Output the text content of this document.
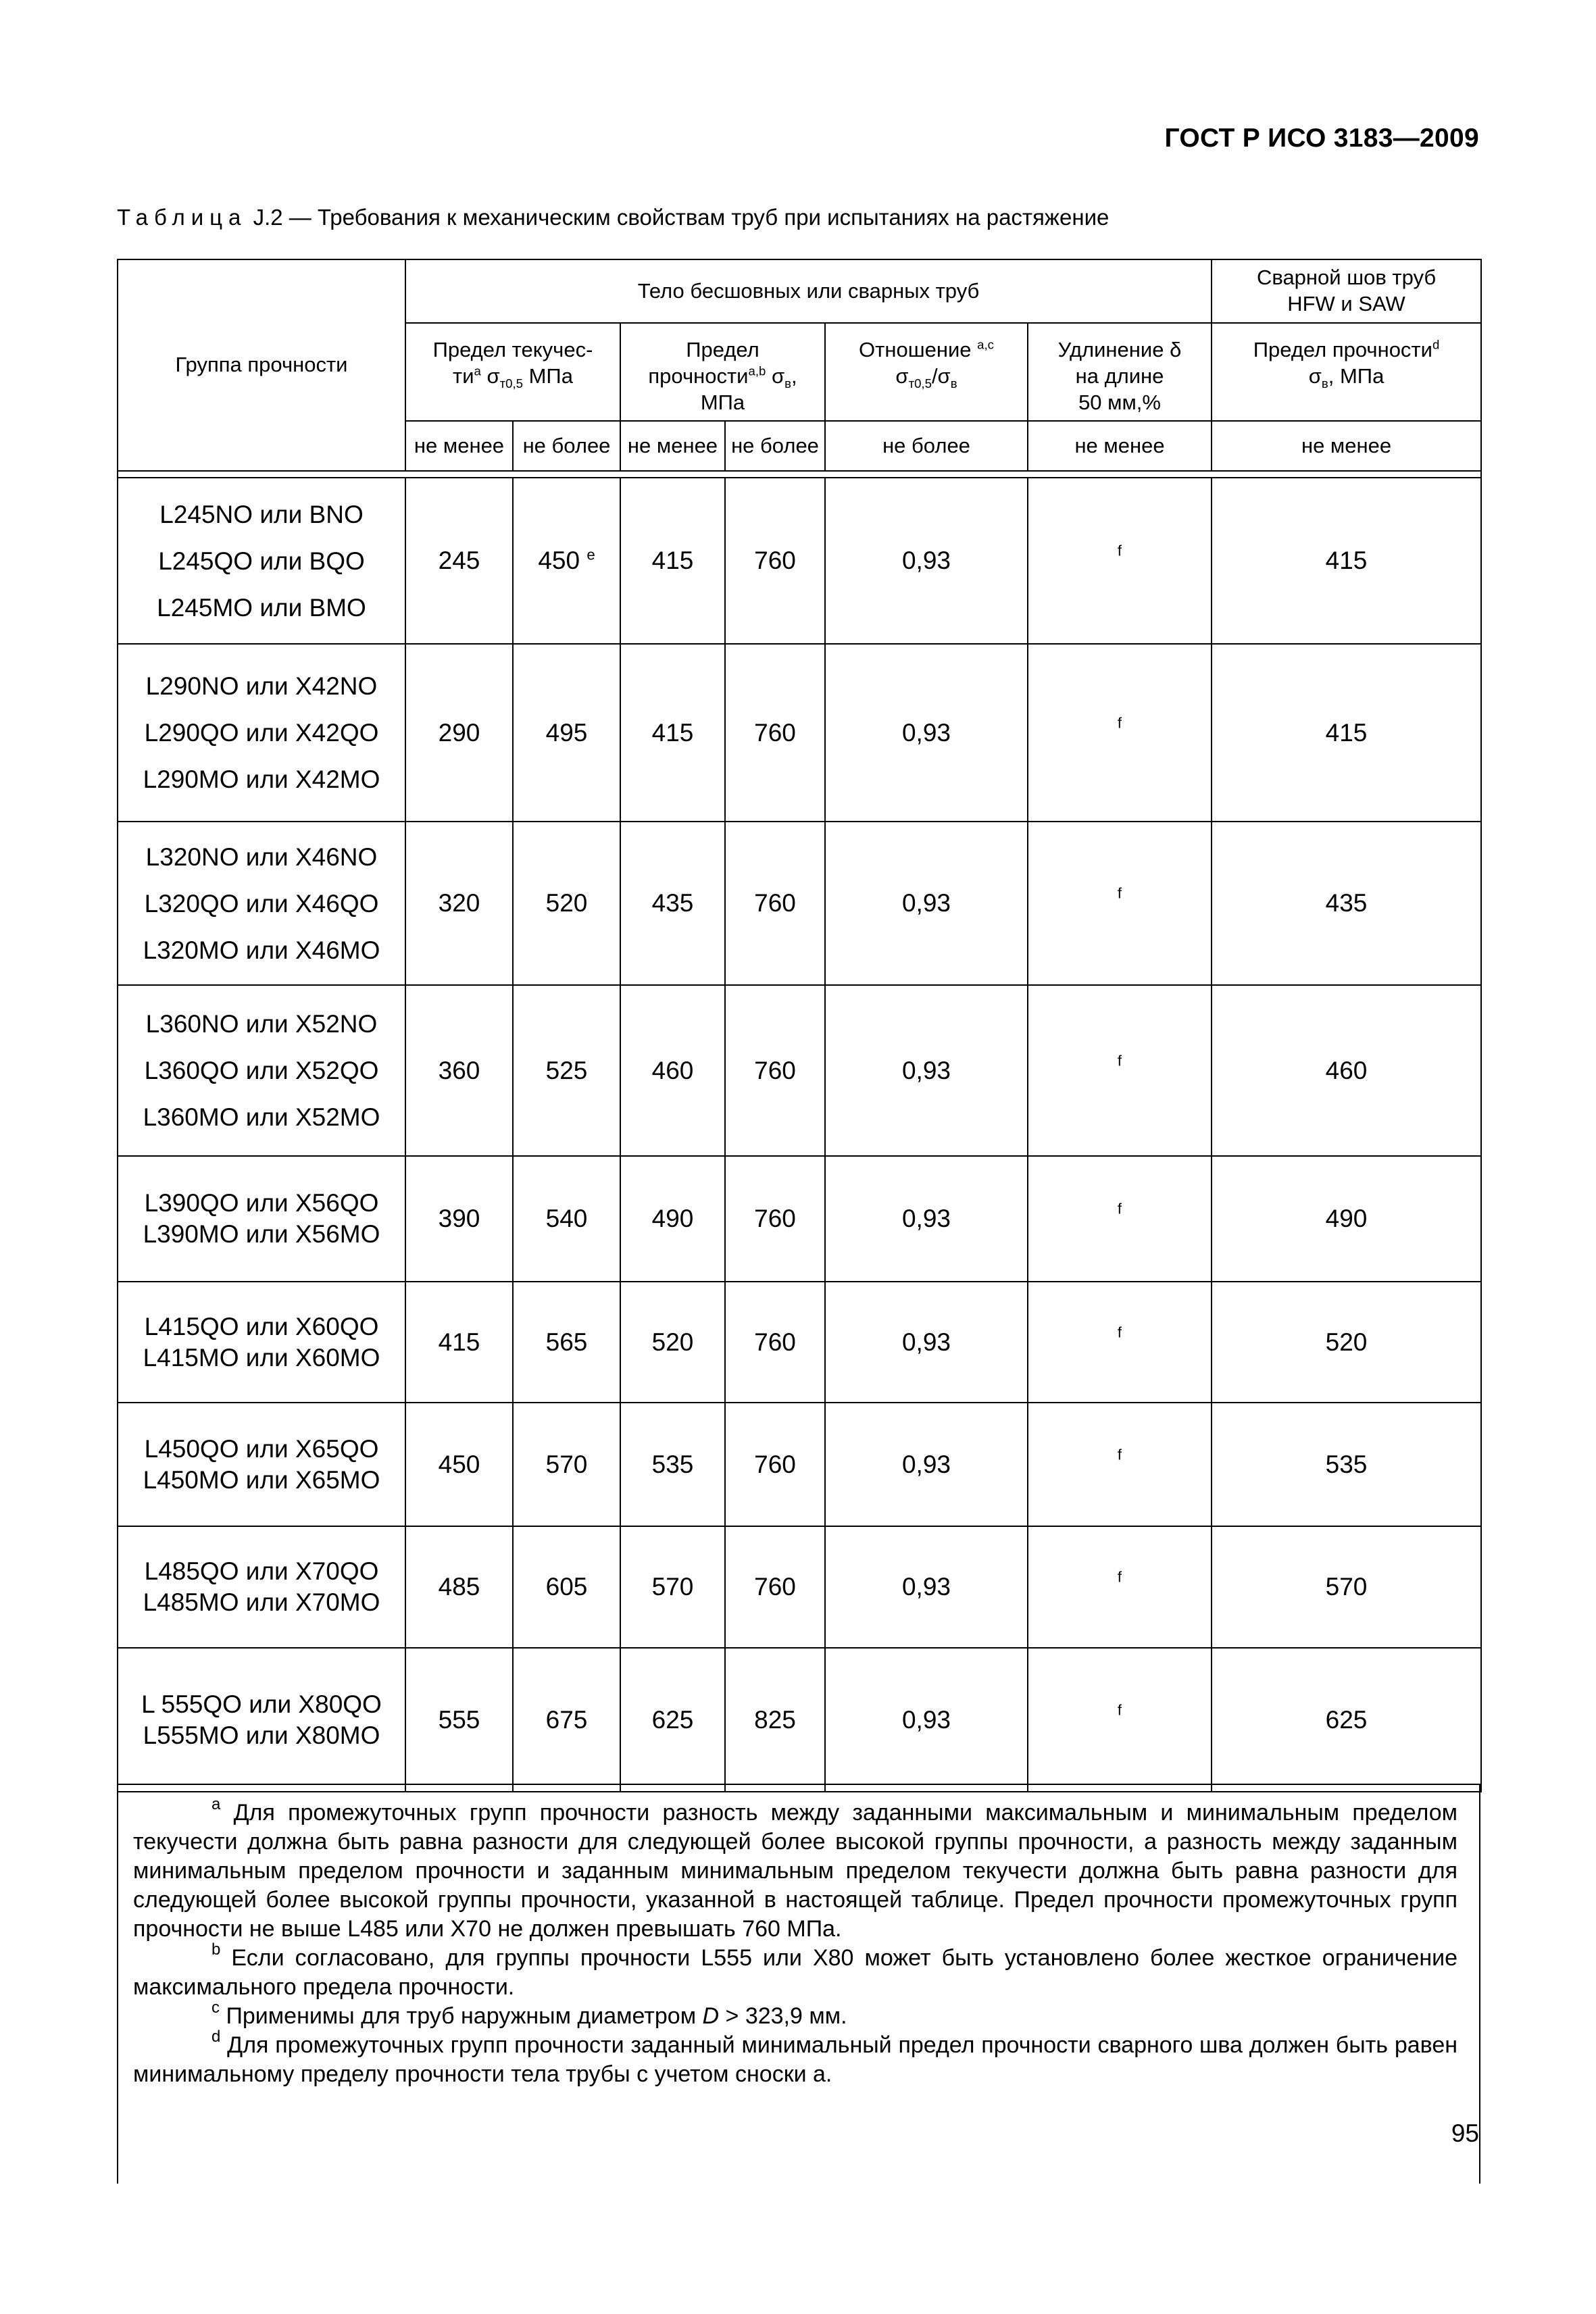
ГОСТ Р ИСО 3183—2009
Таблица J.2 — Требования к механическим свойствам труб при испытаниях на растяжение
Группа прочности	Тело бесшовных или сварных труб						Сварной шов труб
HFW и SAW
	Предел текучес-
$ти^a$ $\sigma_{т0,5}$ МПа		Предел
прочности$^{a,b}$ $\sigma_в$,
МПа		Отношение $^{a,c}$
$\sigma_{т0,5}/\sigma_в$	Удлинение δ
на длине
50 мм,%	Предел прочности$^d$
$\sigma_в$, МПа
	не менее	не более	не менее	не более	не более	не менее	не менее

L245NO или BNO
L245QO или BQO
L245MO или BMO	245	450 $^e$	415	760	0,93	$^f$	415

L290NO или X42NO
L290QO или X42QO
L290MO или X42MO	290	495	415	760	0,93	$^f$	415

L320NO или X46NO
L320QO или X46QO
L320MO или X46MO	320	520	435	760	0,93	$^f$	435

L360NO или X52NO
L360QO или X52QO
L360MO или X52MO	360	525	460	760	0,93	$^f$	460

L390QO или X56QO
L390MO или X56MO	390	540	490	760	0,93	$^f$	490

L415QO или X60QO
L415MO или X60MO	415	565	520	760	0,93	$^f$	520

L450QO или X65QO
L450MO или X65MO	450	570	535	760	0,93	$^f$	535

L485QO или X70QO
L485MO или X70MO	485	605	570	760	0,93	$^f$	570

L 555QO или X80QO
L555MO или X80MO	555	675	625	825	0,93	$^f$	625

$^a$ Для промежуточных групп прочности разность между заданными максимальным и минимальным пределом текучести должна быть равна разности для следующей более высокой группы прочности, а разность между заданным минимальным пределом прочности и заданным минимальным пределом текучести должна быть равна разности для следующей более высокой группы прочности, указанной в настоящей таблице. Предел прочности промежуточных групп прочности не выше L485 или X70 не должен превышать 760 МПа.

$^b$ Если согласовано, для группы прочности L555 или X80 может быть установлено более жесткое ограничение максимального предела прочности.

$^c$ Применимы для труб наружным диаметром D > 323,9 мм.

$^d$ Для промежуточных групп прочности заданный минимальный предел прочности сварного шва должен быть равен минимальному пределу прочности тела трубы с учетом сноски a.

95
